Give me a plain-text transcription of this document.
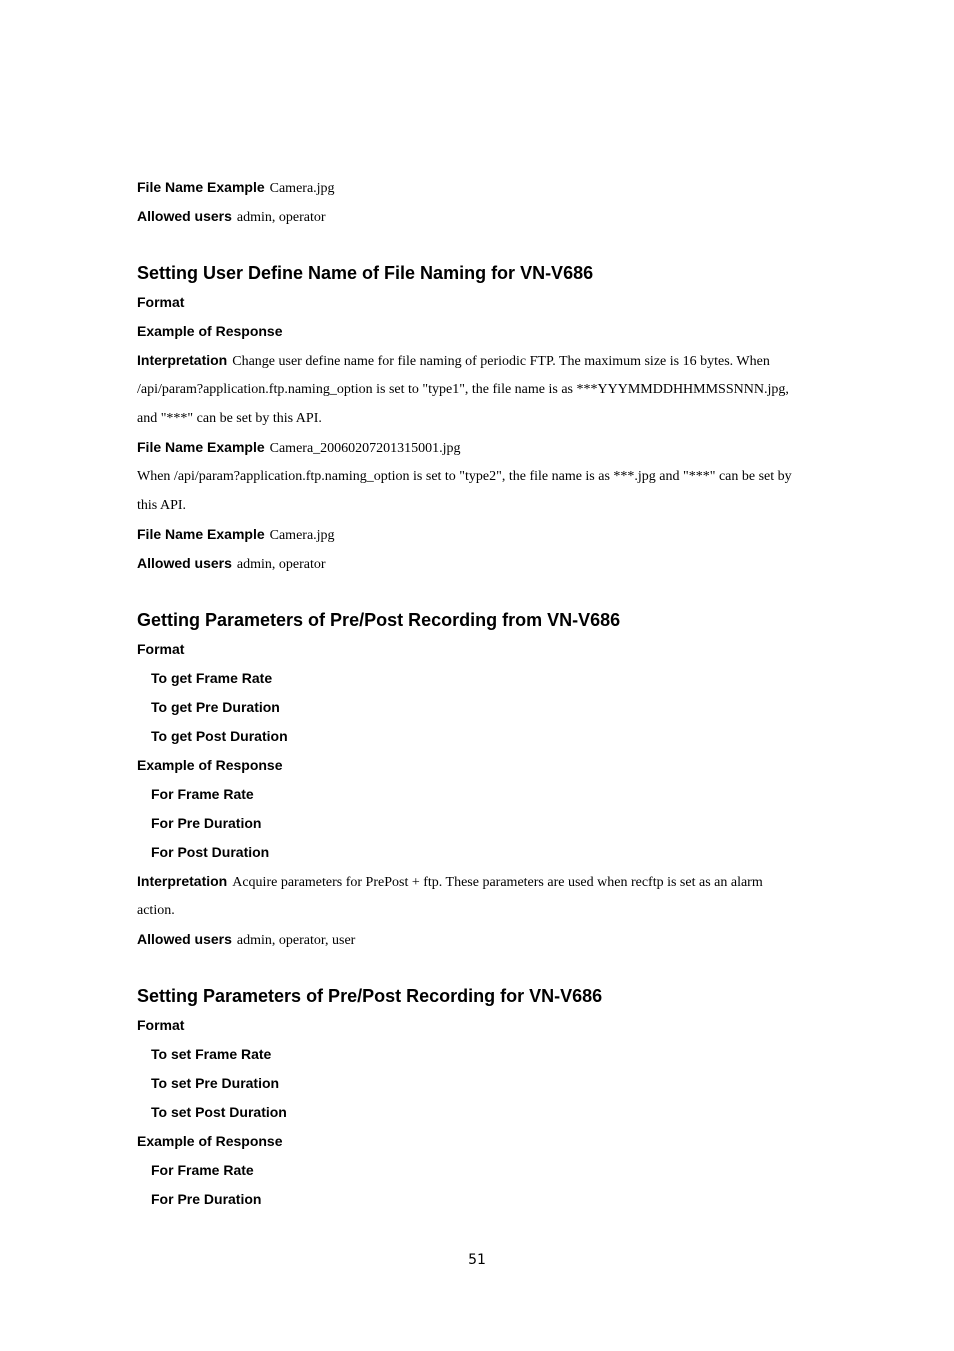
File Name Example Camera.jpg
Allowed users admin, operator
Setting User Define Name of File Naming for VN-V686
Format
Example of Response
Interpretation Change user define name for file naming of periodic FTP. The maximum size is 16 bytes. When
/api/param?application.ftp.naming_option is set to "type1", the file name is as ***YYYMMDDHHMMSSNNN.jpg,
and "***" can be set by this API.
File Name Example Camera_20060207201315001.jpg
When /api/param?application.ftp.naming_option is set to "type2", the file name is as ***.jpg and "***" can be set by
this API.
File Name Example Camera.jpg
Allowed users admin, operator
Getting Parameters of Pre/Post Recording from VN-V686
Format
To get Frame Rate
To get Pre Duration
To get Post Duration
Example of Response
For Frame Rate
For Pre Duration
For Post Duration
Interpretation Acquire parameters for PrePost + ftp. These parameters are used when recftp is set as an alarm
action.
Allowed users admin, operator, user
Setting Parameters of Pre/Post Recording for VN-V686
Format
To set Frame Rate
To set Pre Duration
To set Post Duration
Example of Response
For Frame Rate
For Pre Duration
51
